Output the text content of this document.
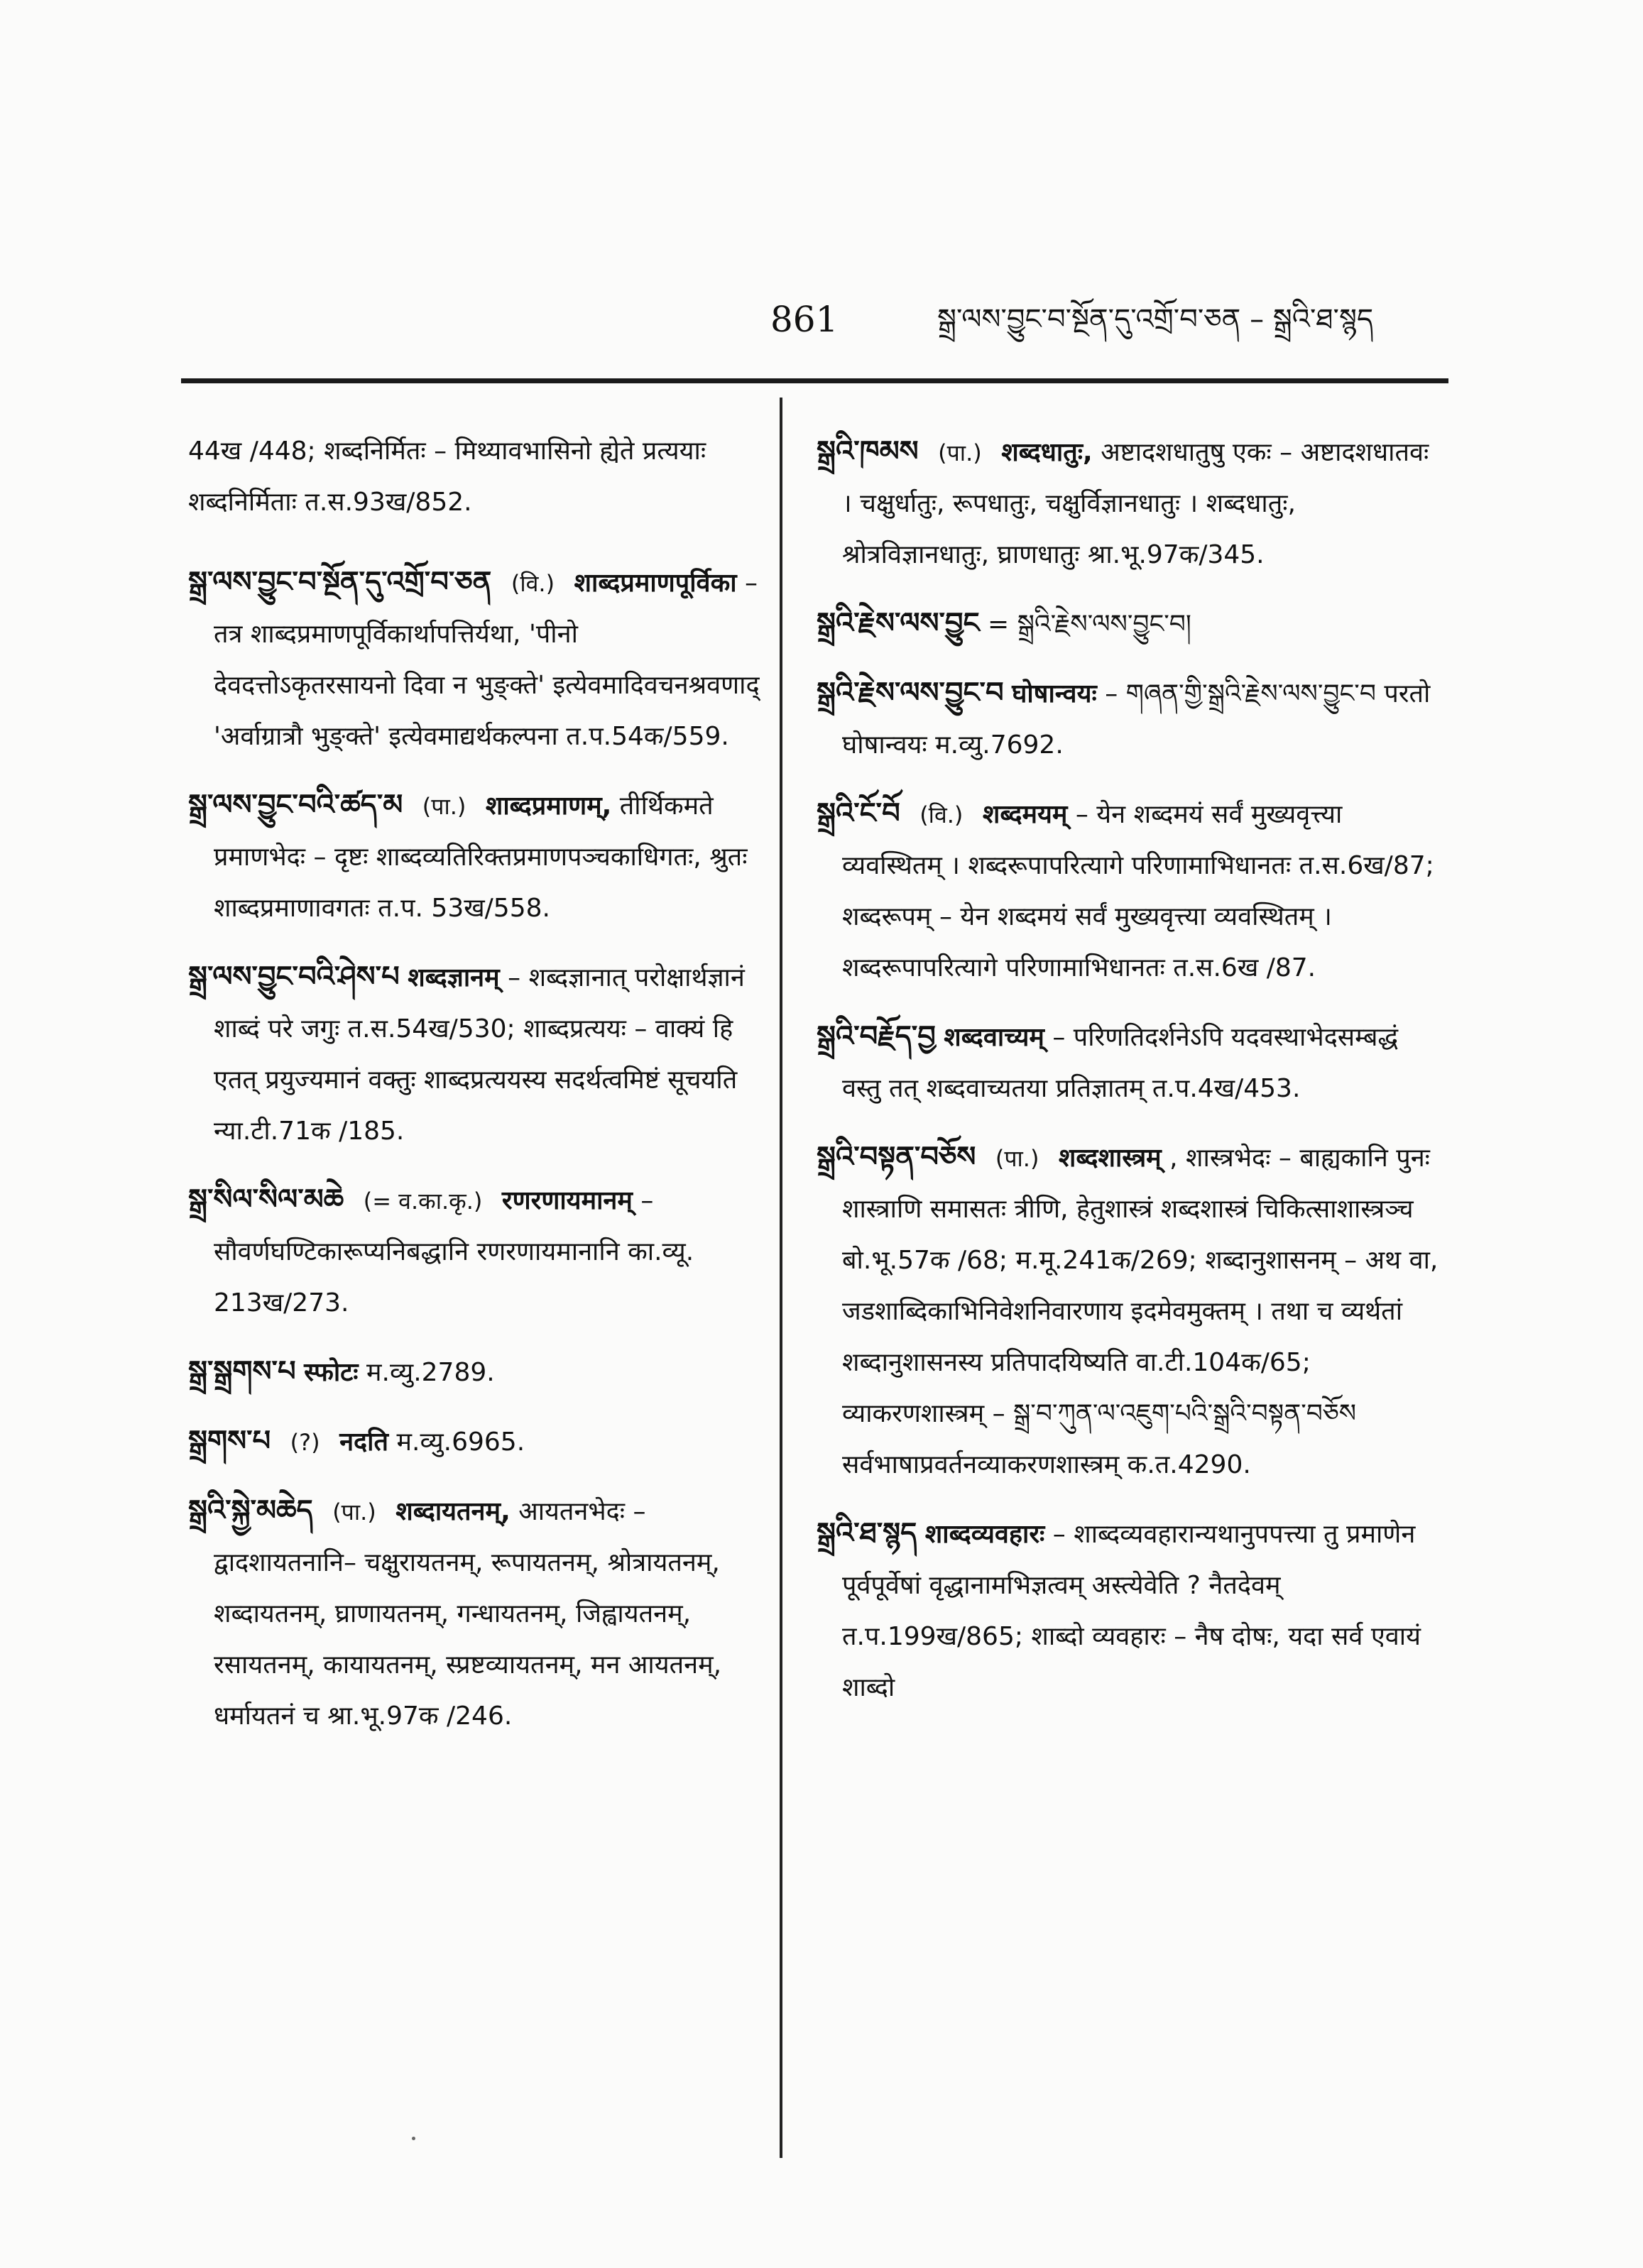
861	སྒྲ་ལས་བྱུང་བ་སྔོན་དུ་འགྲོ་བ་ཅན – སྒྲའི་ཐ་སྙད

44ख /448; शब्दनिर्मितः – मिथ्यावभासिनो ह्येते प्रत्ययाः शब्दनिर्मिताः त.स.93ख/852.

སྒྲ་ལས་བྱུང་བ་སྔོན་དུ་འགྲོ་བ་ཅན (वि.) शाब्दप्रमाणपूर्विका – तत्र शाब्दप्रमाणपूर्विकार्थापत्तिर्यथा, 'पीनो देवदत्तोऽकृतरसायनो दिवा न भुङ्क्ते' इत्येवमादिवचनश्रवणाद् 'अर्वाग्रात्रौ भुङ्क्ते' इत्येवमाद्यर्थकल्पना त.प.54क/559.

སྒྲ་ལས་བྱུང་བའི་ཚད་མ (पा.) शाब्दप्रमाणम्, तीर्थिकमते प्रमाणभेदः – दृष्टः शाब्दव्यतिरिक्तप्रमाणपञ्चकाधिगतः, श्रुतः शाब्दप्रमाणावगतः त.प. 53ख/558.

སྒྲ་ལས་བྱུང་བའི་ཤེས་པ शब्दज्ञानम् – शब्दज्ञानात् परोक्षार्थज्ञानं शाब्दं परे जगुः त.स.54ख/530; शाब्दप्रत्ययः – वाक्यं हि एतत् प्रयुज्यमानं वक्तुः शाब्दप्रत्ययस्य सदर्थत्वमिष्टं सूचयति न्या.टी.71क /185.

སྒྲ་སིལ་སིལ་མཆེ (= व.का.कृ.) रणरणायमानम् – सौवर्णघण्टिकारूप्यनिबद्धानि रणरणायमानानि का.व्यू. 213ख/273.

སྒྲ་སྒྲགས་པ स्फोटः म.व्यु.2789.

སྒྲགས་པ (?) नदति म.व्यु.6965.

སྒྲའི་སྐྱེ་མཆེད (पा.) शब्दायतनम्, आयतनभेदः – द्वादशायतनानि– चक्षुरायतनम्, रूपायतनम्, श्रोत्रायतनम्, शब्दायतनम्, घ्राणायतनम्, गन्धायतनम्, जिह्वायतनम्, रसायतनम्, कायायतनम्, स्प्रष्टव्यायतनम्, मन आयतनम्, धर्मायतनं च श्रा.भू.97क /246.

སྒྲའི་ཁམས (पा.) शब्दधातुः, अष्टादशधातुषु एकः – अष्टादशधातवः । चक्षुर्धातुः, रूपधातुः, चक्षुर्विज्ञानधातुः । शब्दधातुः, श्रोत्रविज्ञानधातुः, घ्राणधातुः श्रा.भू.97क/345.

སྒྲའི་རྗེས་ལས་བྱུང = སྒྲའི་རྗེས་ལས་བྱུང་བ།

སྒྲའི་རྗེས་ལས་བྱུང་བ घोषान्वयः – གཞན་གྱི་སྒྲའི་རྗེས་ལས་བྱུང་བ परतो घोषान्वयः म.व्यु.7692.

སྒྲའི་ངོ་བོ (वि.) शब्दमयम् – येन शब्दमयं सर्वं मुख्यवृत्त्या व्यवस्थितम् । शब्दरूपापरित्यागे परिणामाभिधानतः त.स.6ख/87; शब्दरूपम् – येन शब्दमयं सर्वं मुख्यवृत्त्या व्यवस्थितम् । शब्दरूपापरित्यागे परिणामाभिधानतः त.स.6ख /87.

སྒྲའི་བརྗོད་བྱ शब्दवाच्यम् – परिणतिदर्शनेऽपि यदवस्थाभेदसम्बद्धं वस्तु तत् शब्दवाच्यतया प्रतिज्ञातम् त.प.4ख/453.

སྒྲའི་བསྟན་བཅོས (पा.) शब्दशास्त्रम् , शास्त्रभेदः – बाह्यकानि पुनः शास्त्राणि समासतः त्रीणि, हेतुशास्त्रं शब्दशास्त्रं चिकित्साशास्त्रञ्च बो.भू.57क /68; म.मू.241क/269; शब्दानुशासनम् – अथ वा, जडशाब्दिकाभिनिवेशनिवारणाय इदमेवमुक्तम् । तथा च व्यर्थतां शब्दानुशासनस्य प्रतिपादयिष्यति वा.टी.104क/65; व्याकरणशास्त्रम् – སྒྲ་བ་ཀུན་ལ་འཇུག་པའི་སྒྲའི་བསྟན་བཅོས सर्वभाषाप्रवर्तनव्याकरणशास्त्रम् क.त.4290.

སྒྲའི་ཐ་སྙད शाब्दव्यवहारः – शाब्दव्यवहारान्यथानुपपत्त्या तु प्रमाणेन पूर्वपूर्वेषां वृद्धानामभिज्ञत्वम् अस्त्येवेति ? नैतदेवम् त.प.199ख/865; शाब्दो व्यवहारः – नैष दोषः, यदा सर्व एवायं शाब्दो
